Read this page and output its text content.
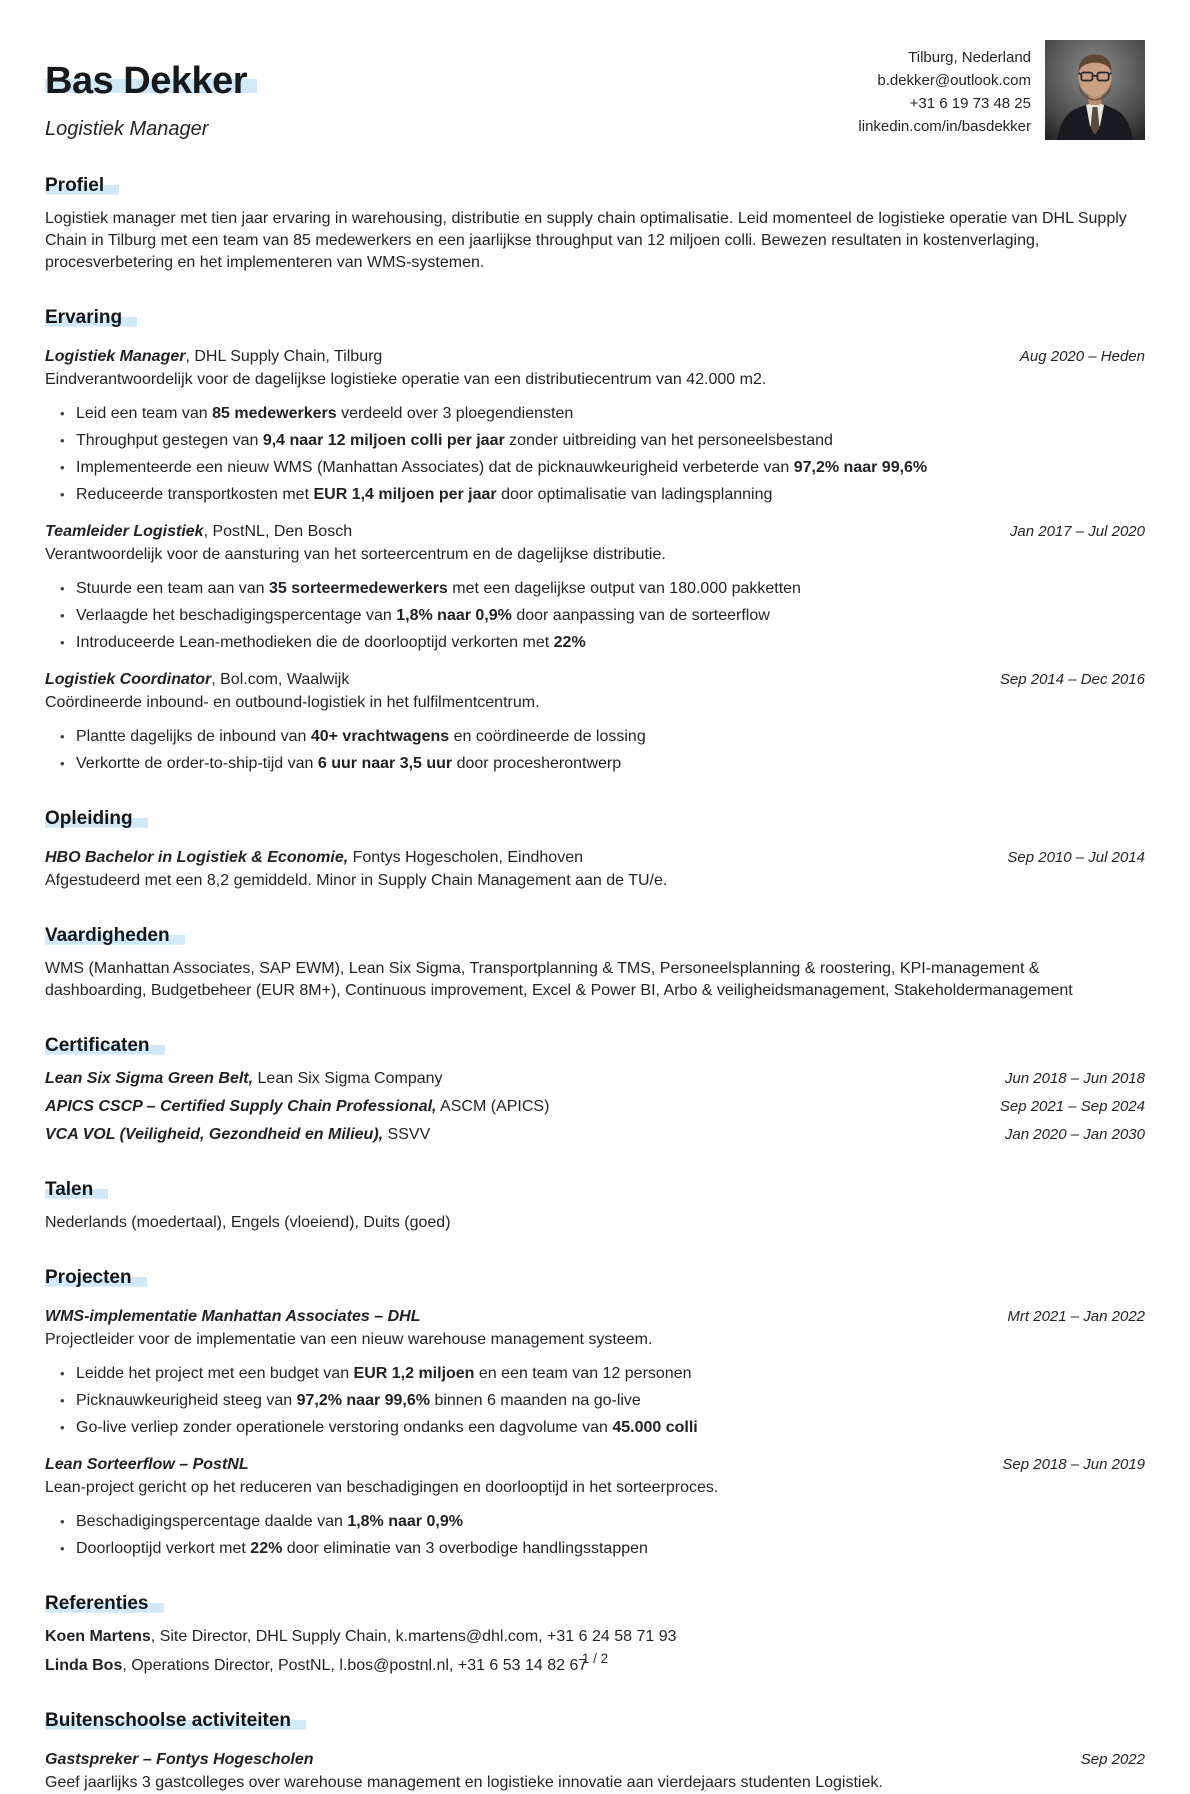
Bas Dekker
Logistiek Manager
Tilburg, Nederland
b.dekker@outlook.com
+31 6 19 73 48 25
linkedin.com/in/basdekker
Profiel

Logistiek manager met tien jaar ervaring in warehousing, distributie en supply chain optimalisatie. Leid momenteel de logistieke operatie van DHL Supply Chain in Tilburg met een team van 85 medewerkers en een jaarlijkse throughput van 12 miljoen colli. Bewezen resultaten in kostenverlaging, procesverbetering en het implementeren van WMS-systemen.

Ervaring
Logistiek Manager, DHL Supply Chain, Tilburg	Aug 2020 – Heden
Eindverantwoordelijk voor de dagelijkse logistieke operatie van een distributiecentrum van 42.000 m2.
• Leid een team van 85 medewerkers verdeeld over 3 ploegendiensten
• Throughput gestegen van 9,4 naar 12 miljoen colli per jaar zonder uitbreiding van het personeelsbestand
• Implementeerde een nieuw WMS (Manhattan Associates) dat de picknauwkeurigheid verbeterde van 97,2% naar 99,6%
• Reduceerde transportkosten met EUR 1,4 miljoen per jaar door optimalisatie van ladingsplanning
Teamleider Logistiek, PostNL, Den Bosch	Jan 2017 – Jul 2020
Verantwoordelijk voor de aansturing van het sorteercentrum en de dagelijkse distributie.
• Stuurde een team aan van 35 sorteermedewerkers met een dagelijkse output van 180.000 pakketten
• Verlaagde het beschadigingspercentage van 1,8% naar 0,9% door aanpassing van de sorteerflow
• Introduceerde Lean-methodieken die de doorlooptijd verkorten met 22%
Logistiek Coordinator, Bol.com, Waalwijk	Sep 2014 – Dec 2016
Coördineerde inbound- en outbound-logistiek in het fulfilmentcentrum.
• Plantte dagelijks de inbound van 40+ vrachtwagens en coördineerde de lossing
• Verkortte de order-to-ship-tijd van 6 uur naar 3,5 uur door procesherontwerp
Opleiding
HBO Bachelor in Logistiek & Economie, Fontys Hogescholen, Eindhoven	Sep 2010 – Jul 2014
Afgestudeerd met een 8,2 gemiddeld. Minor in Supply Chain Management aan de TU/e.
Vaardigheden

WMS (Manhattan Associates, SAP EWM), Lean Six Sigma, Transportplanning & TMS, Personeelsplanning & roostering, KPI-management & dashboarding, Budgetbeheer (EUR 8M+), Continuous improvement, Excel & Power BI, Arbo & veiligheidsmanagement, Stakeholdermanagement

Certificaten
Lean Six Sigma Green Belt, Lean Six Sigma Company	Jun 2018 – Jun 2018
APICS CSCP – Certified Supply Chain Professional, ASCM (APICS)	Sep 2021 – Sep 2024
VCA VOL (Veiligheid, Gezondheid en Milieu), SSVV	Jan 2020 – Jan 2030
Talen

Nederlands (moedertaal), Engels (vloeiend), Duits (goed)

Projecten
WMS-implementatie Manhattan Associates – DHL	Mrt 2021 – Jan 2022
Projectleider voor de implementatie van een nieuw warehouse management systeem.
• Leidde het project met een budget van EUR 1,2 miljoen en een team van 12 personen
• Picknauwkeurigheid steeg van 97,2% naar 99,6% binnen 6 maanden na go-live
• Go-live verliep zonder operationele verstoring ondanks een dagvolume van 45.000 colli
Lean Sorteerflow – PostNL	Sep 2018 – Jun 2019
Lean-project gericht op het reduceren van beschadigingen en doorlooptijd in het sorteerproces.
• Beschadigingspercentage daalde van 1,8% naar 0,9%
• Doorlooptijd verkort met 22% door eliminatie van 3 overbodige handlingsstappen
Referenties
Koen Martens, Site Director, DHL Supply Chain, k.martens@dhl.com, +31 6 24 58 71 93
Linda Bos, Operations Director, PostNL, l.bos@postnl.nl, +31 6 53 14 82 67
Buitenschoolse activiteiten
Gastspreker – Fontys Hogescholen	Sep 2022
Geef jaarlijks 3 gastcolleges over warehouse management en logistieke innovatie aan vierdejaars studenten Logistiek.
1 / 2
